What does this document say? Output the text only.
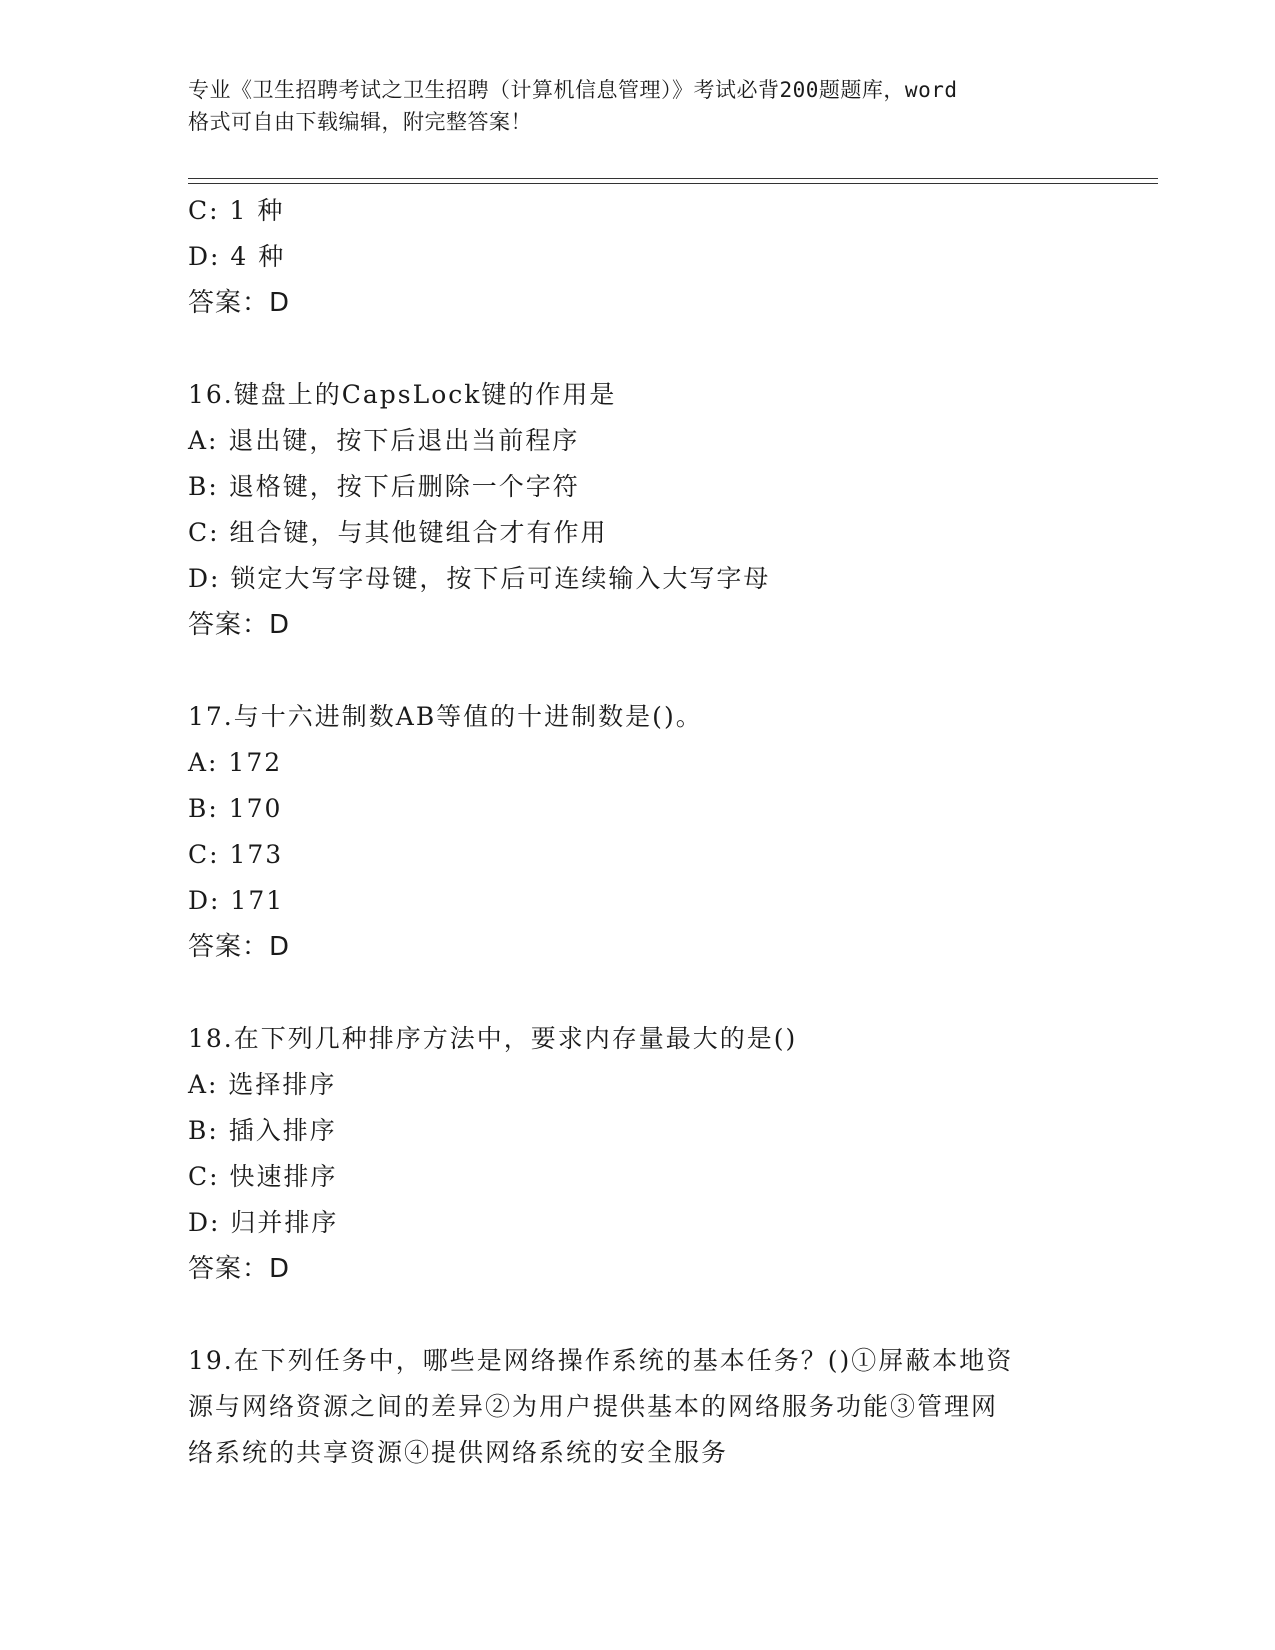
专业《卫生招聘考试之卫生招聘（计算机信息管理）》考试必背200题题库，word
格式可自由下载编辑，附完整答案！
C: 1 种
D: 4 种
答案：D
16.键盘上的CapsLock键的作用是
A: 退出键，按下后退出当前程序
B: 退格键，按下后删除一个字符
C: 组合键，与其他键组合才有作用
D: 锁定大写字母键，按下后可连续输入大写字母
答案：D
17.与十六进制数AB等值的十进制数是()。
A: 172
B: 170
C: 173
D: 171
答案：D
18.在下列几种排序方法中，要求内存量最大的是()
A: 选择排序
B: 插入排序
C: 快速排序
D: 归并排序
答案：D
19.在下列任务中，哪些是网络操作系统的基本任务？()①屏蔽本地资
源与网络资源之间的差异②为用户提供基本的网络服务功能③管理网
络系统的共享资源④提供网络系统的安全服务
